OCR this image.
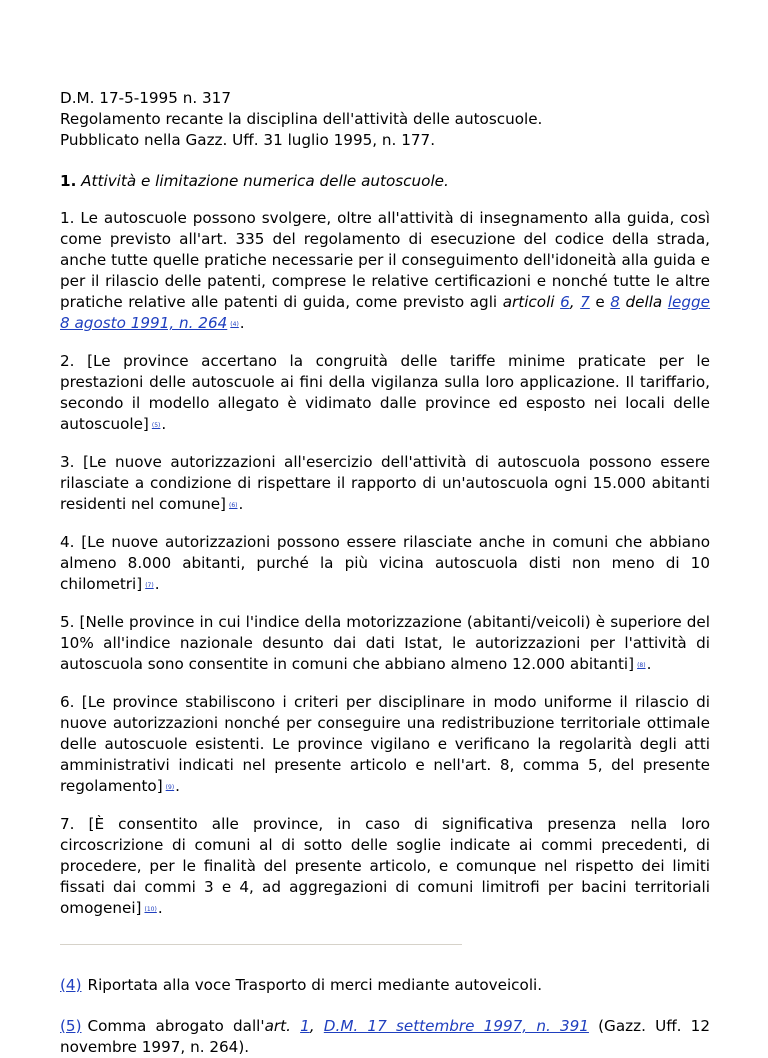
D.M. 17-5-1995 n. 317

Regolamento recante la disciplina dell'attività delle autoscuole.

Pubblicato nella Gazz. Uff. 31 luglio 1995, n. 177.

1. Attività e limitazione numerica delle autoscuole.

1. Le autoscuole possono svolgere, oltre all'attività di insegnamento alla guida, così come previsto all'art. 335 del regolamento di esecuzione del codice della strada, anche tutte quelle pratiche necessarie per il conseguimento dell'idoneità alla guida e per il rilascio delle patenti, comprese le relative certificazioni e nonché tutte le altre pratiche relative alle patenti di guida, come previsto agli articoli 6, 7 e 8 della legge 8 agosto 1991, n. 264 (4).

2. [Le province accertano la congruità delle tariffe minime praticate per le prestazioni delle autoscuole ai fini della vigilanza sulla loro applicazione. Il tariffario, secondo il modello allegato è vidimato dalle province ed esposto nei locali delle autoscuole] (5).

3. [Le nuove autorizzazioni all'esercizio dell'attività di autoscuola possono essere rilasciate a condizione di rispettare il rapporto di un'autoscuola ogni 15.000 abitanti residenti nel comune] (6).

4. [Le nuove autorizzazioni possono essere rilasciate anche in comuni che abbiano almeno 8.000 abitanti, purché la più vicina autoscuola disti non meno di 10 chilometri] (7).

5. [Nelle province in cui l'indice della motorizzazione (abitanti/veicoli) è superiore del 10% all'indice nazionale desunto dai dati Istat, le autorizzazioni per l'attività di autoscuola sono consentite in comuni che abbiano almeno 12.000 abitanti] (8).

6. [Le province stabiliscono i criteri per disciplinare in modo uniforme il rilascio di nuove autorizzazioni nonché per conseguire una redistribuzione territoriale ottimale delle autoscuole esistenti. Le province vigilano e verificano la regolarità degli atti amministrativi indicati nel presente articolo e nell'art. 8, comma 5, del presente regolamento] (9).

7. [È consentito alle province, in caso di significativa presenza nella loro circoscrizione di comuni al di sotto delle soglie indicate ai commi precedenti, di procedere, per le finalità del presente articolo, e comunque nel rispetto dei limiti fissati dai commi 3 e 4, ad aggregazioni di comuni limitrofi per bacini territoriali omogenei] (10).

(4) Riportata alla voce Trasporto di merci mediante autoveicoli.

(5) Comma abrogato dall'art. 1, D.M. 17 settembre 1997, n. 391 (Gazz. Uff. 12 novembre 1997, n. 264).
